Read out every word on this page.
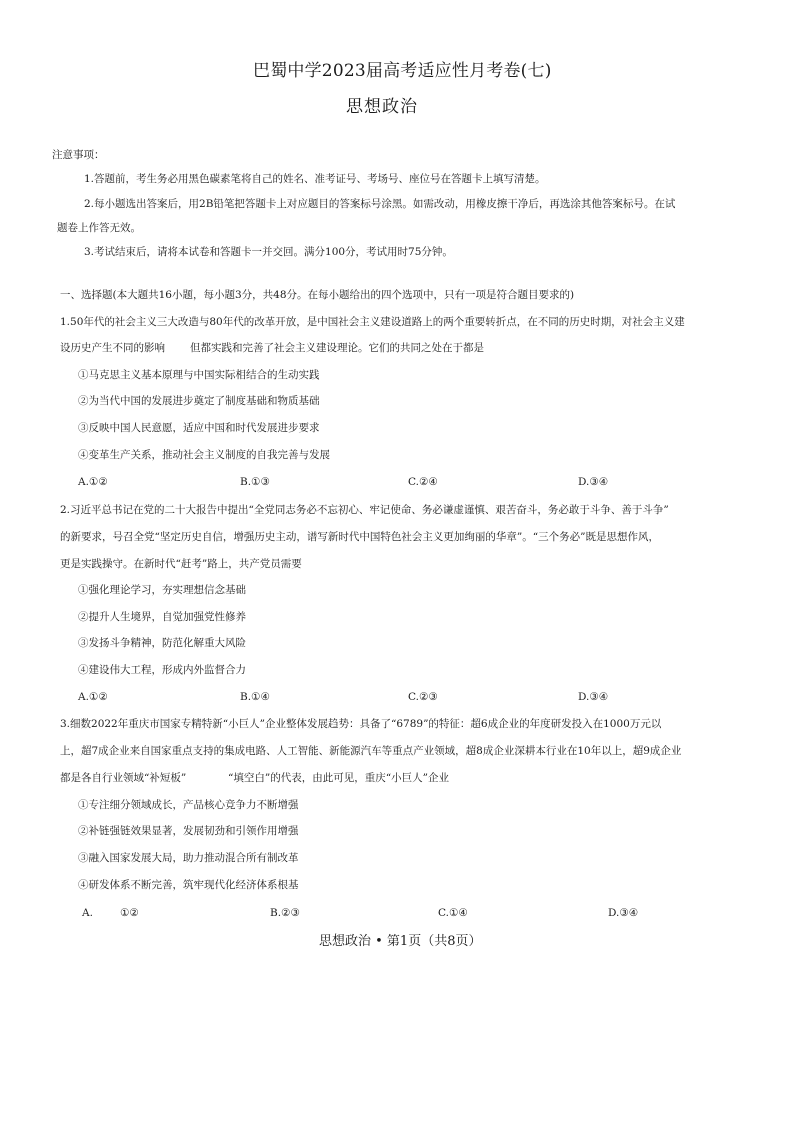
巴蜀中学2023届高考适应性月考卷(七)
思想政治
注意事项：
1.答题前，考生务必用黑色碳素笔将自己的姓名、准考证号、考场号、座位号在答题卡上填写清楚。
2.每小题选出答案后，用2B铅笔把答题卡上对应题目的答案标号涂黑。如需改动，用橡皮擦干净后，再选涂其他答案标号。在试
题卷上作答无效。
3.考试结束后，请将本试卷和答题卡一并交回。满分100分，考试用时75分钟。
一、选择题(本大题共16小题，每小题3分，共48分。在每小题给出的四个选项中，只有一项是符合题目要求的)
1.50年代的社会主义三大改造与80年代的改革开放，是中国社会主义建设道路上的两个重要转折点，在不同的历史时期，对社会主义建
设历史产生不同的影响 但都实践和完善了社会主义建设理论。它们的共同之处在于都是
①马克思主义基本原理与中国实际相结合的生动实践
②为当代中国的发展进步奠定了制度基础和物质基础
③反映中国人民意愿，适应中国和时代发展进步要求
④变革生产关系，推动社会主义制度的自我完善与发展
A.①②	B.①③	C.②④	D.③④
2.习近平总书记在党的二十大报告中提出“全党同志务必不忘初心、牢记使命、务必谦虚谨慎、艰苦奋斗，务必敢于斗争、善于斗争”
的新要求，号召全党“坚定历史自信，增强历史主动，谱写新时代中国特色社会主义更加绚丽的华章”。“三个务必”既是思想作风，
更是实践操守。在新时代“赶考”路上，共产党员需要
①强化理论学习，夯实理想信念基础
②提升人生境界，自觉加强党性修养
③发扬斗争精神，防范化解重大风险
④建设伟大工程，形成内外监督合力
A.①②	B.①④	C.②③	D.③④
3.细数2022年重庆市国家专精特新“小巨人”企业整体发展趋势：具备了“6789”的特征：超6成企业的年度研发投入在1000万元以
上，超7成企业来自国家重点支持的集成电路、人工智能、新能源汽车等重点产业领域，超8成企业深耕本行业在10年以上，超9成企业
都是各自行业领域“补短板”	“填空白”的代表，由此可见，重庆“小巨人”企业
①专注细分领域成长，产品核心竞争力不断增强
②补链强链效果显著，发展韧劲和引领作用增强
③融入国家发展大局，助力推动混合所有制改革
④研发体系不断完善，筑牢现代化经济体系根基
A.	①②	B.②③	C.①④	D.③④
思想政治 • 第1页（共8页）
